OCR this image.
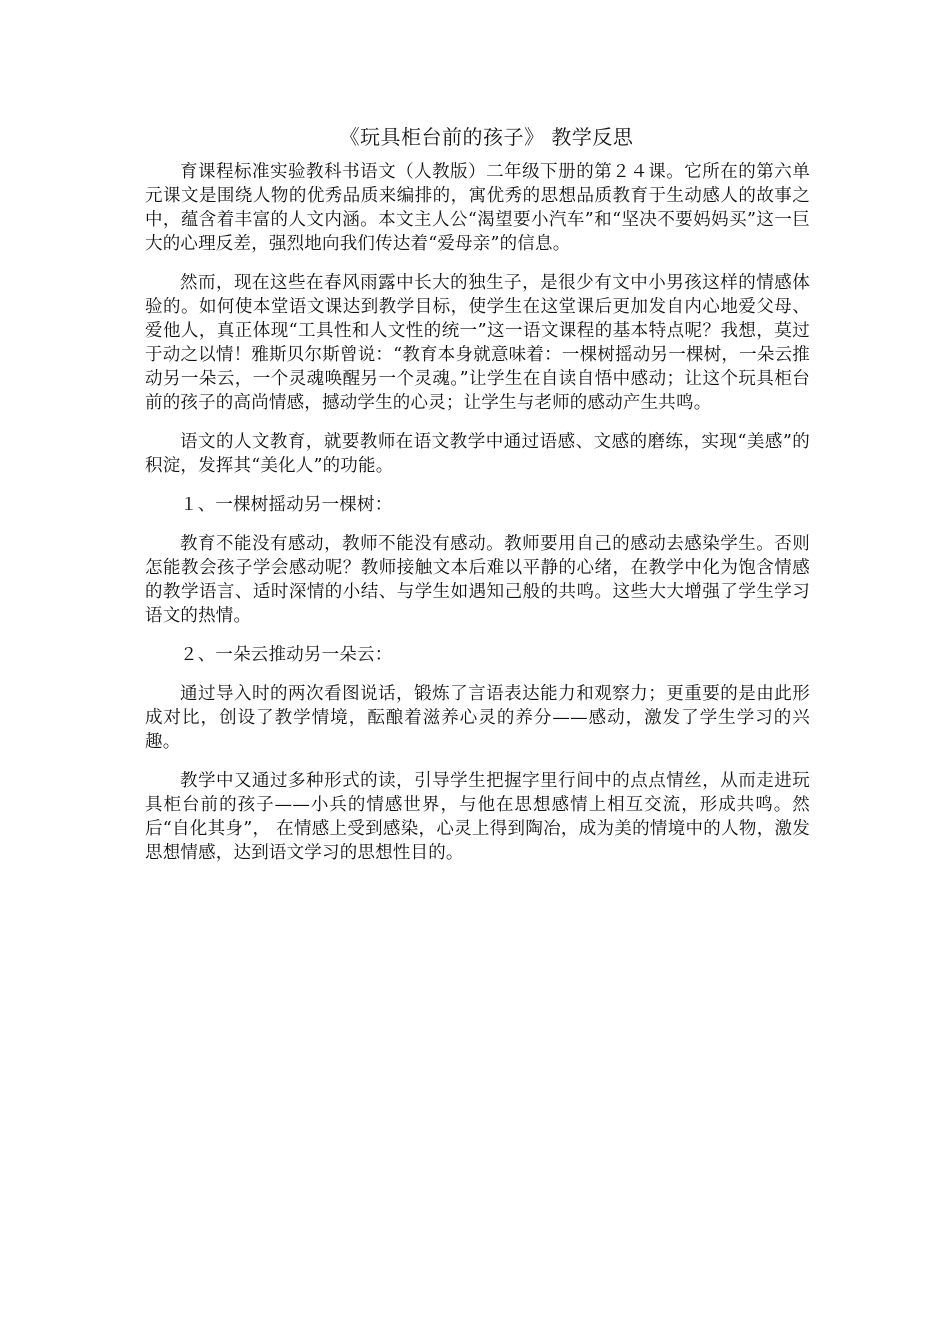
《玩具柜台前的孩子》 教学反思

育课程标准实验教科书语文（人教版）二年级下册的第２４课。它所在的第六单元课文是围绕人物的优秀品质来编排的，寓优秀的思想品质教育于生动感人的故事之中，蕴含着丰富的人文内涵。本文主人公“渴望要小汽车”和“坚决不要妈妈买”这一巨大的心理反差，强烈地向我们传达着“爱母亲”的信息。

然而，现在这些在春风雨露中长大的独生子，是很少有文中小男孩这样的情感体验的。如何使本堂语文课达到教学目标，使学生在这堂课后更加发自内心地爱父母、爱他人，真正体现“工具性和人文性的统一”这一语文课程的基本特点呢？我想，莫过于动之以情！雅斯贝尔斯曾说：“教育本身就意味着：一棵树摇动另一棵树，一朵云推动另一朵云，一个灵魂唤醒另一个灵魂。”让学生在自读自悟中感动；让这个玩具柜台前的孩子的高尚情感，撼动学生的心灵；让学生与老师的感动产生共鸣。

语文的人文教育，就要教师在语文教学中通过语感、文感的磨练，实现“美感”的积淀，发挥其“美化人”的功能。

１、一棵树摇动另一棵树：

教育不能没有感动，教师不能没有感动。教师要用自己的感动去感染学生。否则怎能教会孩子学会感动呢？教师接触文本后难以平静的心绪，在教学中化为饱含情感的教学语言、适时深情的小结、与学生如遇知己般的共鸣。这些大大增强了学生学习语文的热情。

２、一朵云推动另一朵云：

通过导入时的两次看图说话，锻炼了言语表达能力和观察力；更重要的是由此形成对比，创设了教学情境，酝酿着滋养心灵的养分——感动，激发了学生学习的兴趣。

教学中又通过多种形式的读，引导学生把握字里行间中的点点情丝，从而走进玩具柜台前的孩子——小兵的情感世界，与他在思想感情上相互交流，形成共鸣。然后“自化其身”， 在情感上受到感染，心灵上得到陶冶，成为美的情境中的人物，激发思想情感，达到语文学习的思想性目的。
